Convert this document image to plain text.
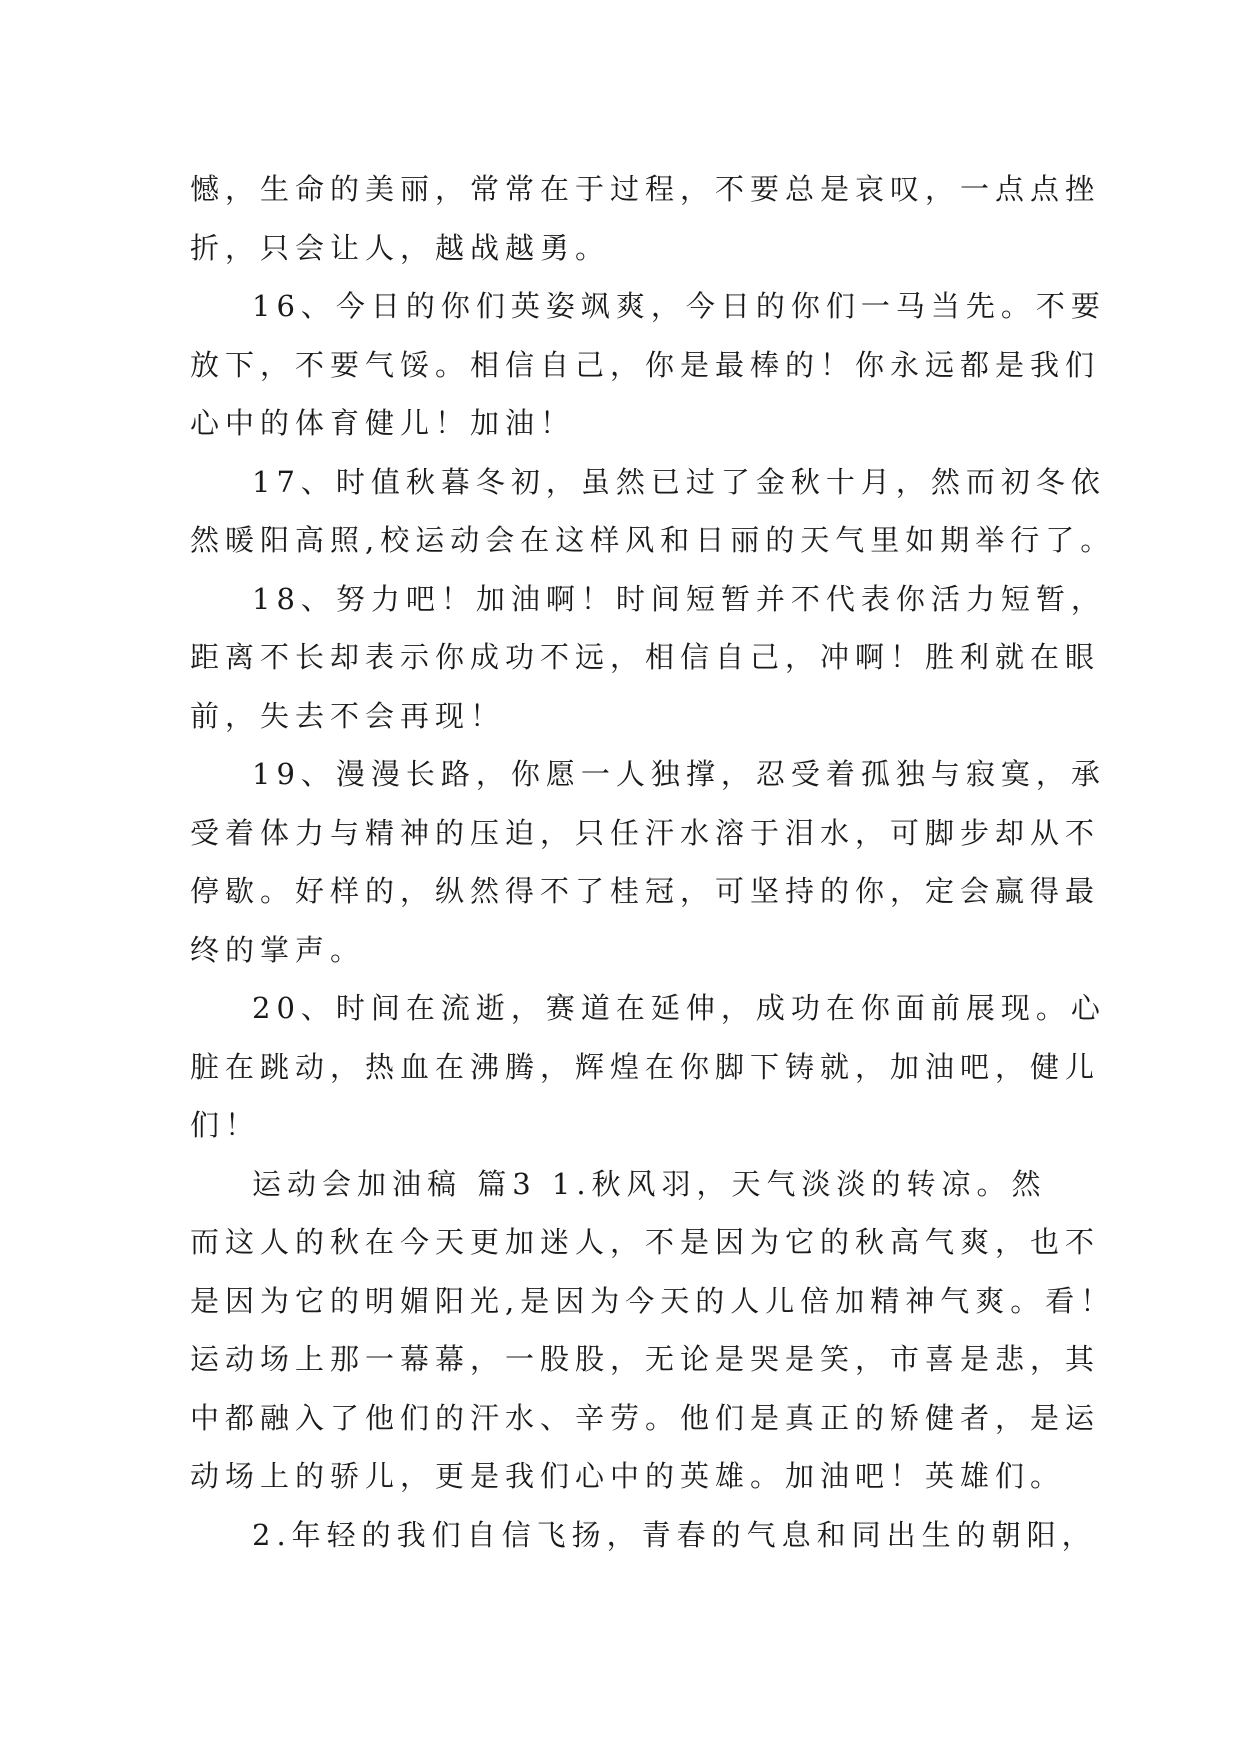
憾，生命的美丽，常常在于过程，不要总是哀叹，一点点挫
折，只会让人，越战越勇。
16、今日的你们英姿飒爽，今日的你们一马当先。不要
放下，不要气馁。相信自己，你是最棒的！你永远都是我们
心中的体育健儿！加油！
17、时值秋暮冬初，虽然已过了金秋十月，然而初冬依
然暖阳高照,校运动会在这样风和日丽的天气里如期举行了。
18、努力吧！加油啊！时间短暂并不代表你活力短暂，
距离不长却表示你成功不远，相信自己，冲啊！胜利就在眼
前，失去不会再现！
19、漫漫长路，你愿一人独撑，忍受着孤独与寂寞，承
受着体力与精神的压迫，只任汗水溶于泪水，可脚步却从不
停歇。好样的，纵然得不了桂冠，可坚持的你，定会赢得最
终的掌声。
20、时间在流逝，赛道在延伸，成功在你面前展现。心
脏在跳动，热血在沸腾，辉煌在你脚下铸就，加油吧，健儿
们！
运动会加油稿 篇3 1.秋风羽，天气淡淡的转凉。然
而这人的秋在今天更加迷人，不是因为它的秋高气爽，也不
是因为它的明媚阳光,是因为今天的人儿倍加精神气爽。看！
运动场上那一幕幕，一股股，无论是哭是笑，市喜是悲，其
中都融入了他们的汗水、辛劳。他们是真正的矫健者，是运
动场上的骄儿，更是我们心中的英雄。加油吧！英雄们。
2.年轻的我们自信飞扬，青春的气息和同出生的朝阳，
